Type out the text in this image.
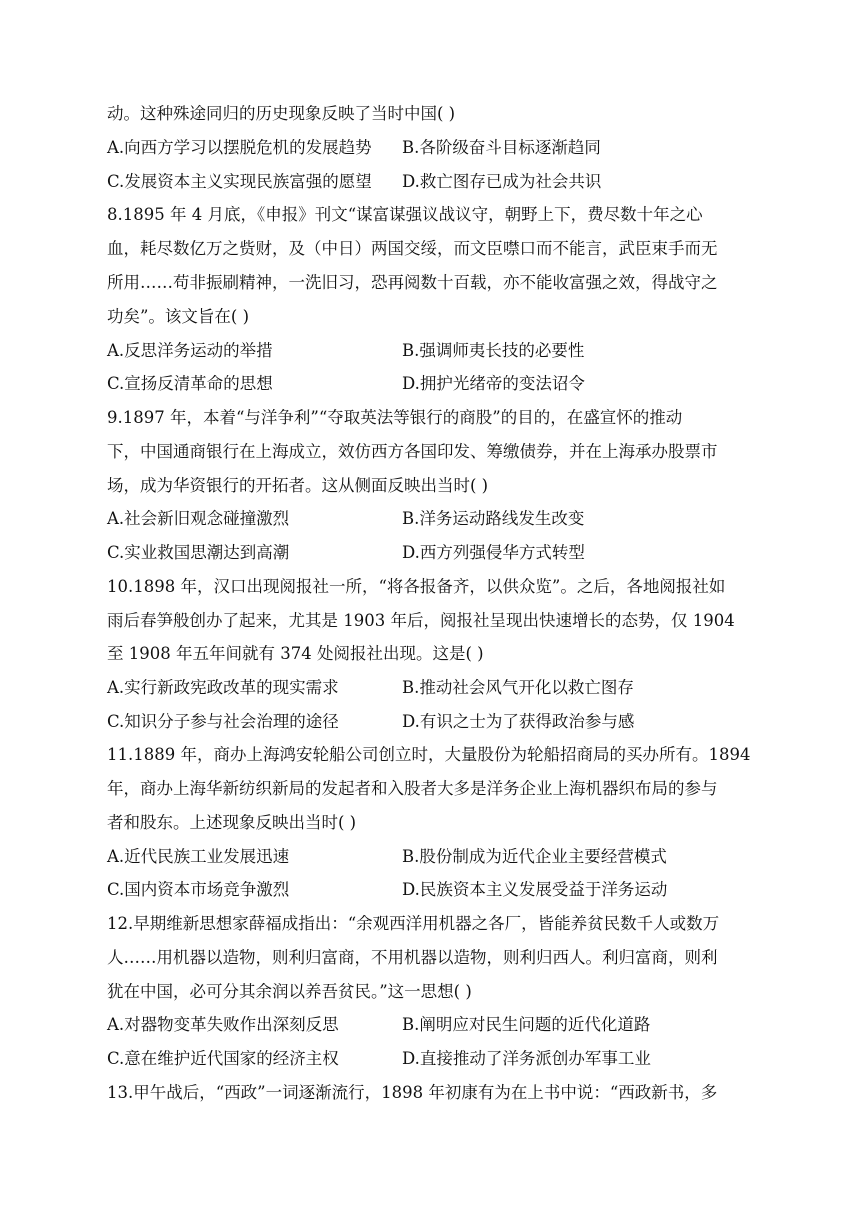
动。这种殊途同归的历史现象反映了当时中国( )
A.向西方学习以摆脱危机的发展趋势 B.各阶级奋斗目标逐渐趋同
C.发展资本主义实现民族富强的愿望 D.救亡图存已成为社会共识
8.1895 年 4 月底，《申报》刊文“谋富谋强议战议守，朝野上下，费尽数十年之心
血，耗尽数亿万之赀财，及（中日）两国交绥，而文臣噤口而不能言，武臣束手而无
所用……苟非振刷精神，一洗旧习，恐再阅数十百载，亦不能收富强之效，得战守之
功矣”。该文旨在( )
A.反思洋务运动的举措	B.强调师夷长技的必要性
C.宣扬反清革命的思想	D.拥护光绪帝的变法诏令
9.1897 年，本着“与洋争利”“夺取英法等银行的商股”的目的，在盛宣怀的推动
下，中国通商银行在上海成立，效仿西方各国印发、筹缴债券，并在上海承办股票市
场，成为华资银行的开拓者。这从侧面反映出当时( )
A.社会新旧观念碰撞激烈	B.洋务运动路线发生改变
C.实业救国思潮达到高潮	D.西方列强侵华方式转型
10.1898 年，汉口出现阅报社一所，“将各报备齐，以供众览”。之后，各地阅报社如
雨后春笋般创办了起来，尤其是 1903 年后，阅报社呈现出快速增长的态势，仅 1904
至 1908 年五年间就有 374 处阅报社出现。这是( )
A.实行新政宪政改革的现实需求	B.推动社会风气开化以救亡图存
C.知识分子参与社会治理的途径	D.有识之士为了获得政治参与感
11.1889 年，商办上海鸿安轮船公司创立时，大量股份为轮船招商局的买办所有。1894
年，商办上海华新纺织新局的发起者和入股者大多是洋务企业上海机器织布局的参与
者和股东。上述现象反映出当时( )
A.近代民族工业发展迅速	B.股份制成为近代企业主要经营模式
C.国内资本市场竞争激烈	D.民族资本主义发展受益于洋务运动
12.早期维新思想家薛福成指出：“余观西洋用机器之各厂，皆能养贫民数千人或数万
人……用机器以造物，则利归富商，不用机器以造物，则利归西人。利归富商，则利
犹在中国，必可分其余润以养吾贫民。”这一思想( )
A.对器物变革失败作出深刻反思	B.阐明应对民生问题的近代化道路
C.意在维护近代国家的经济主权	D.直接推动了洋务派创办军事工业
13.甲午战后，“西政”一词逐渐流行，1898 年初康有为在上书中说：“西政新书，多
